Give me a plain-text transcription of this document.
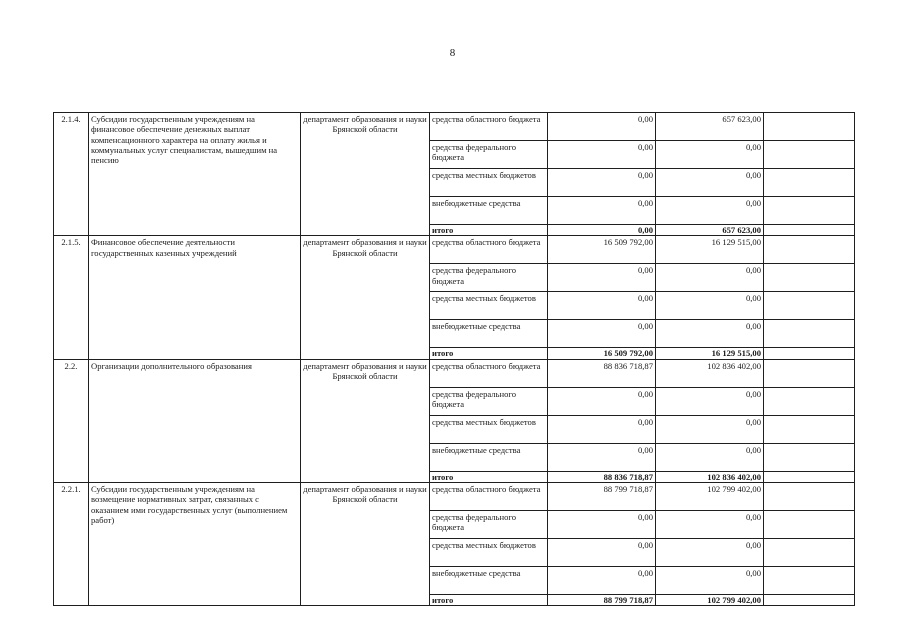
8
2.1.4.	Субсидии государственным учреждениям на финансовое обеспечение денежных выплат компенсационного характера на оплату жилья и коммунальных услуг специалистам, вышедшим на пенсию	департамент образования и науки Брянской области	средства областного бюджета	0,00	657 623,00	
			средства федерального бюджета	0,00	0,00	
			средства местных бюджетов	0,00	0,00	
			внебюджетные средства	0,00	0,00	
			итого	0,00	657 623,00	
2.1.5.	Финансовое обеспечение деятельности государственных казенных учреждений	департамент образования и науки Брянской области	средства областного бюджета	16 509 792,00	16 129 515,00	
			средства федерального бюджета	0,00	0,00	
			средства местных бюджетов	0,00	0,00	
			внебюджетные средства	0,00	0,00	
			итого	16 509 792,00	16 129 515,00	
2.2.	Организации дополнительного образования	департамент образования и науки Брянской области	средства областного бюджета	88 836 718,87	102 836 402,00	
			средства федерального бюджета	0,00	0,00	
			средства местных бюджетов	0,00	0,00	
			внебюджетные средства	0,00	0,00	
			итого	88 836 718,87	102 836 402,00	
2.2.1.	Субсидии государственным учреждениям на возмещение нормативных затрат, связанных с оказанием ими государственных услуг (выполнением работ)	департамент образования и науки Брянской области	средства областного бюджета	88 799 718,87	102 799 402,00	
			средства федерального бюджета	0,00	0,00	
			средства местных бюджетов	0,00	0,00	
			внебюджетные средства	0,00	0,00	
			итого	88 799 718,87	102 799 402,00	
